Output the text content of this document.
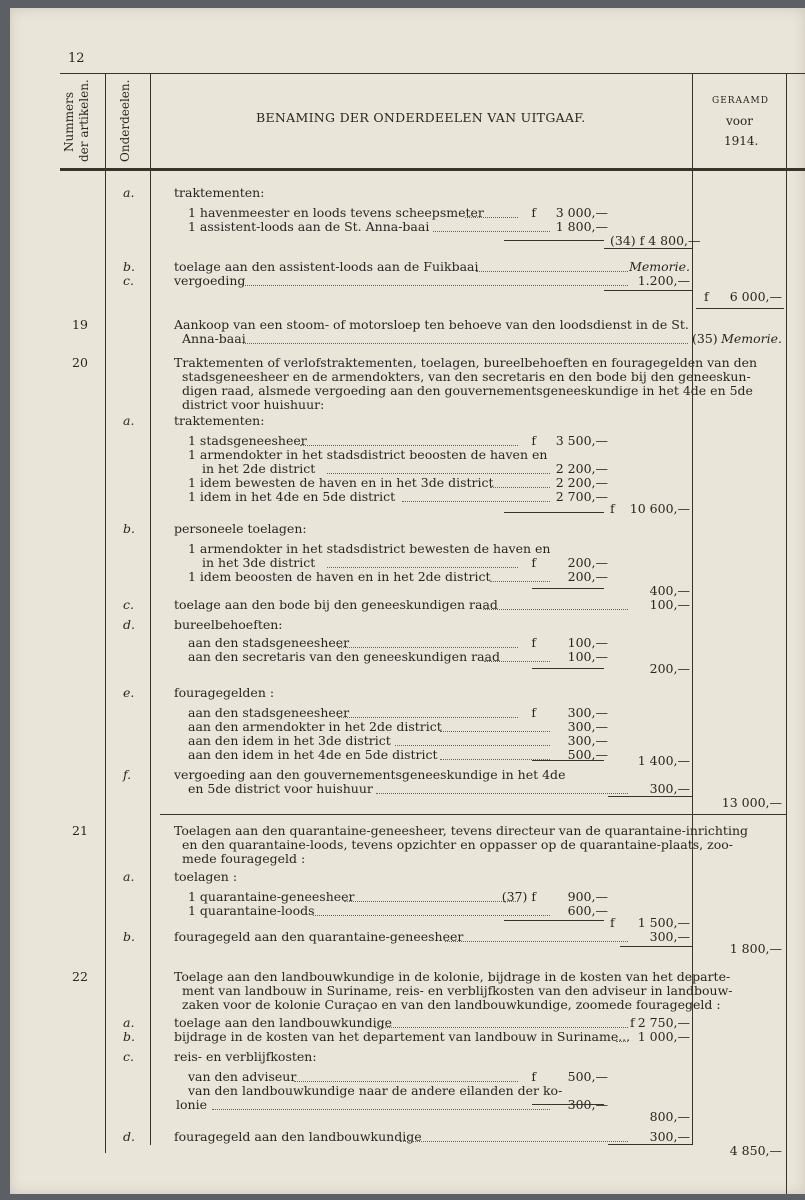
12
Nummers der artikelen. Onderdeelen.	BENAMING DER ONDERDEELEN VAN UITGAAF.
GERAAMD
voor
1914.
a.	traktementen:
1 havenmeester en loods tevens scheepsmeter	f	3 000,—
1 assistent-loods aan de St. Anna-baai	1 800,—
(34) f 4 800,—
b.	toelage aan den assistent-loods aan de Fuikbaai	Memorie.
c.	vergoeding	1.200,—
f	6 000,—
19	Aankoop van een stoom- of motorsloep ten behoeve van den loodsdienst in de St.
Anna-baai	(35) Memorie.
20	Traktementen of verlofstraktementen, toelagen, bureelbehoeften en fouragegelden van den
stadsgeneesheer en de armendokters, van den secretaris en den bode bij den geneeskun-
digen raad, alsmede vergoeding aan den gouvernementsgeneeskundige in het 4de en 5de
district voor huishuur:
a.	traktementen:
1 stadsgeneesheer	f	3 500,—
1 armendokter in het stadsdistrict beoosten de haven en
in het 2de district	2 200,—
1 idem bewesten de haven en in het 3de district	2 200,—
1 idem in het 4de en 5de district	2 700,—
f	10 600,—
b.	personeele toelagen:
1 armendokter in het stadsdistrict bewesten de haven en
in het 3de district	f	200,—
1 idem beoosten de haven en in het 2de district	200,—
400,—
c.	toelage aan den bode bij den geneeskundigen raad	100,—
d.	bureelbehoeften:
aan den stadsgeneesheer	f	100,—
aan den secretaris van den geneeskundigen raad	100,—
200,—
e.	fouragegelden :
aan den stadsgeneesheer	f	300,—
aan den armendokter in het 2de district	300,—
aan den idem in het 3de district	300,—
aan den idem in het 4de en 5de district	500,—	1 400,—
f.	vergoeding aan den gouvernementsgeneeskundige in het 4de
en 5de district voor huishuur	300,—
13 000,—
21	Toelagen aan den quarantaine-geneesheer, tevens directeur van de quarantaine-inrichting
en den quarantaine-loods, tevens opzichter en oppasser op de quarantaine-plaats, zoo-
mede fouragegeld :
a.	toelagen :
1 quarantaine-geneesheer	(37) f	900,—
1 quarantaine-loods	600,—
f	1 500,—
b.	fouragegeld aan den quarantaine-geneesheer	300,—
1 800,—
22	Toelage aan den landbouwkundige in de kolonie, bijdrage in de kosten van het departe-
ment van landbouw in Suriname, reis- en verblijfkosten van den adviseur in landbouw-
zaken voor de kolonie Curaçao en van den landbouwkundige, zoomede fouragegeld :
a.	toelage aan den landbouwkundige	f 2 750,—
b.	bijdrage in de kosten van het departement van landbouw in Suriname... 1 000,—
c.	reis- en verblijfkosten:
van den adviseur	f	500,—
van den landbouwkundige naar de andere eilanden der ko-
lonie	300,—
800,—
d.	fouragegeld aan den landbouwkundige	300,—
4 850,—
